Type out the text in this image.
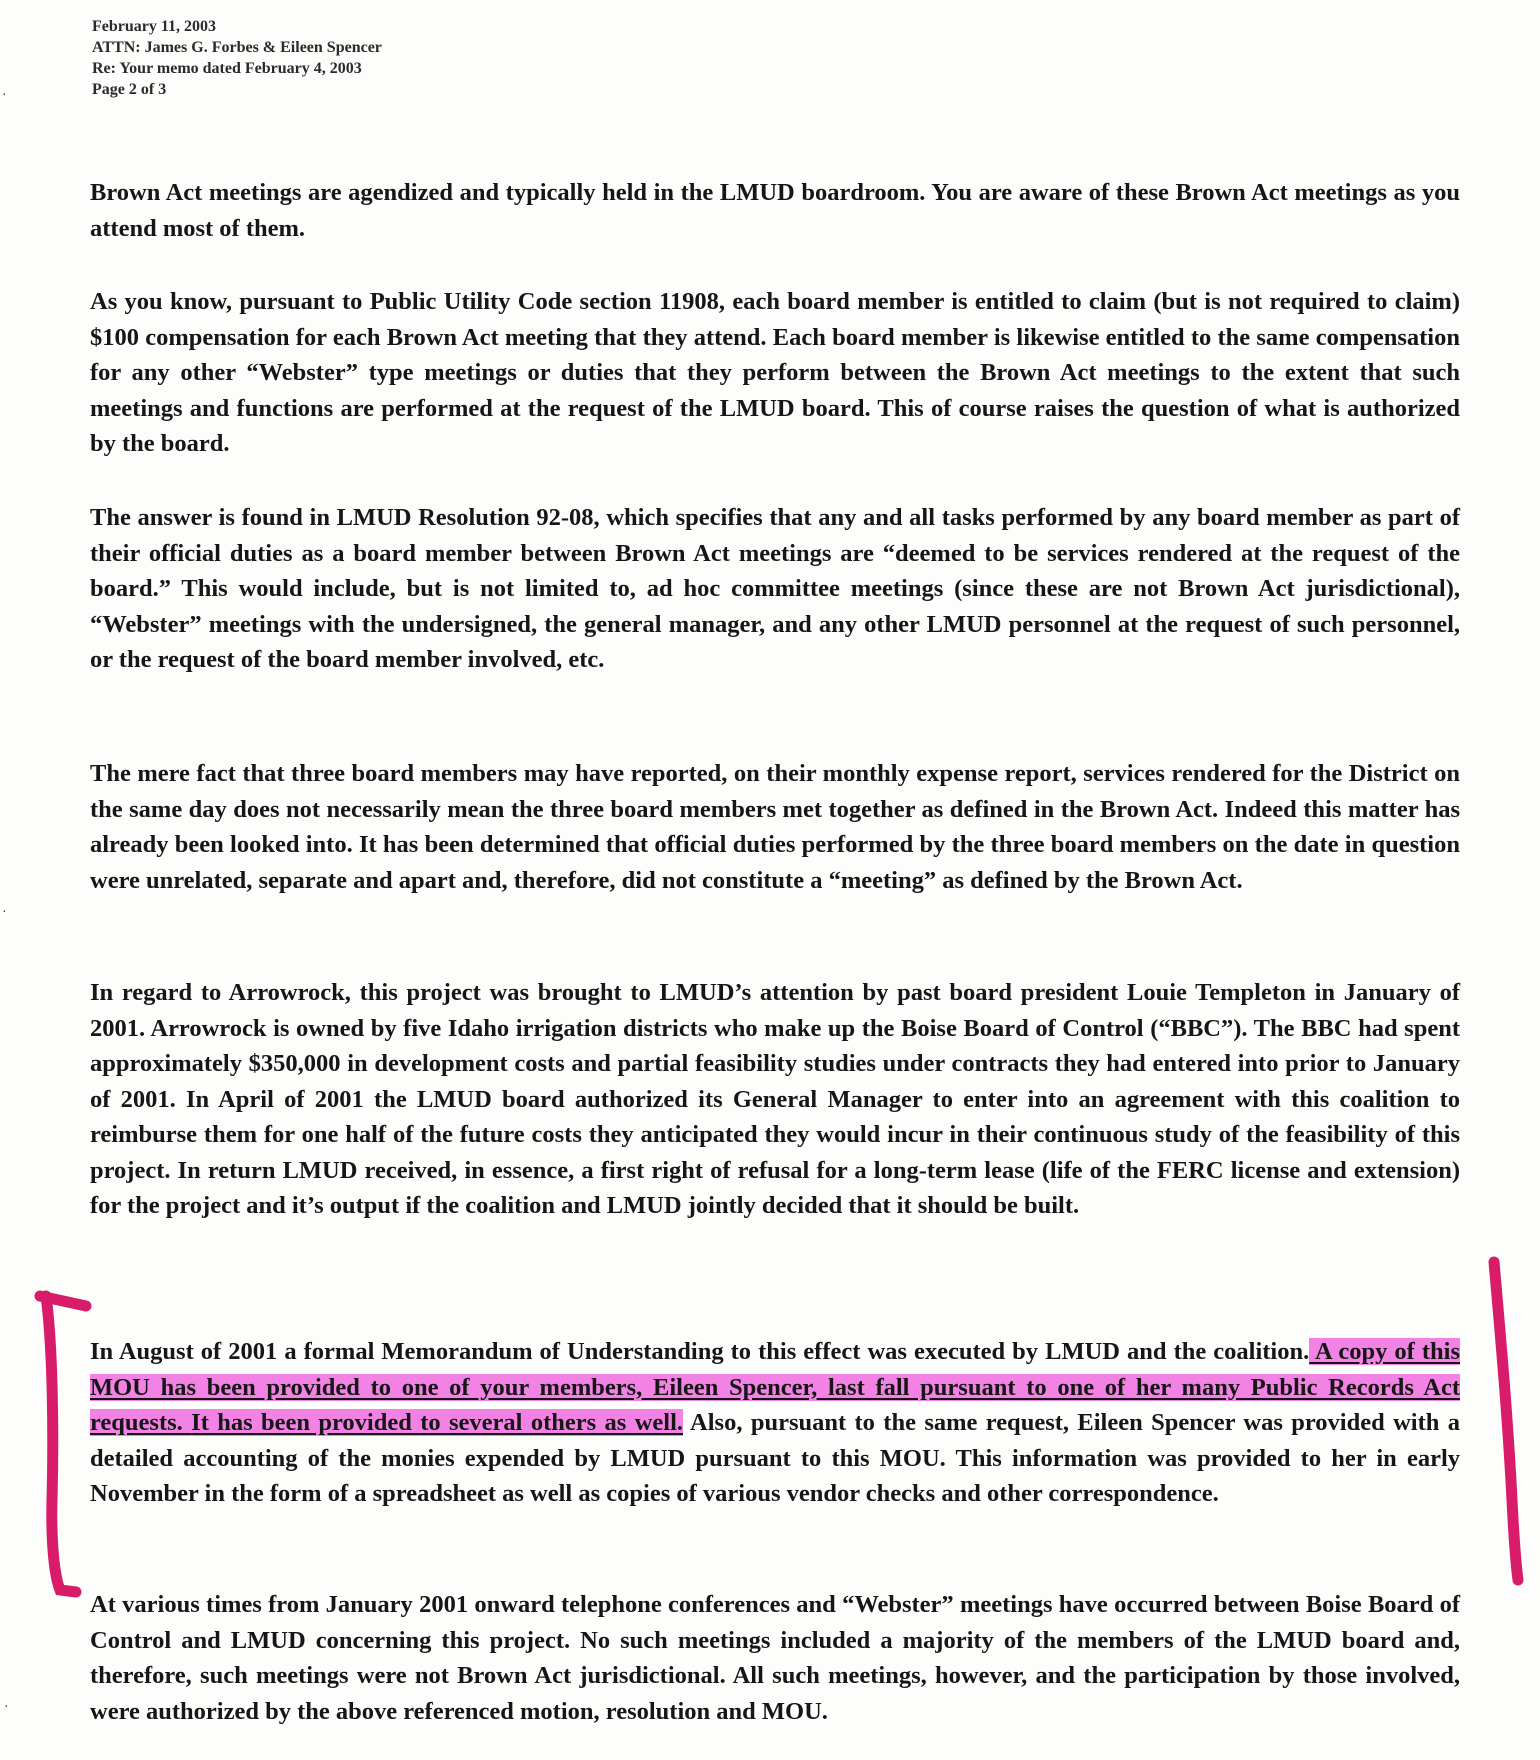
February 11, 2003
ATTN: James G. Forbes & Eileen Spencer
Re: Your memo dated February 4, 2003
Page 2 of 3

Brown Act meetings are agendized and typically held in the LMUD boardroom. You are aware of these Brown Act meetings as you attend most of them.

As you know, pursuant to Public Utility Code section 11908, each board member is entitled to claim (but is not required to claim) $100 compensation for each Brown Act meeting that they attend. Each board member is likewise entitled to the same compensation for any other “Webster” type meetings or duties that they perform between the Brown Act meetings to the extent that such meetings and functions are performed at the request of the LMUD board. This of course raises the question of what is authorized by the board.

The answer is found in LMUD Resolution 92-08, which specifies that any and all tasks performed by any board member as part of their official duties as a board member between Brown Act meetings are “deemed to be services rendered at the request of the board.” This would include, but is not limited to, ad hoc committee meetings (since these are not Brown Act jurisdictional), “Webster” meetings with the undersigned, the general manager, and any other LMUD personnel at the request of such personnel, or the request of the board member involved, etc.

The mere fact that three board members may have reported, on their monthly expense report, services rendered for the District on the same day does not necessarily mean the three board members met together as defined in the Brown Act. Indeed this matter has already been looked into. It has been determined that official duties performed by the three board members on the date in question were unrelated, separate and apart and, therefore, did not constitute a “meeting” as defined by the Brown Act.

In regard to Arrowrock, this project was brought to LMUD’s attention by past board president Louie Templeton in January of 2001. Arrowrock is owned by five Idaho irrigation districts who make up the Boise Board of Control (“BBC”). The BBC had spent approximately $350,000 in development costs and partial feasibility studies under contracts they had entered into prior to January of 2001. In April of 2001 the LMUD board authorized its General Manager to enter into an agreement with this coalition to reimburse them for one half of the future costs they anticipated they would incur in their continuous study of the feasibility of this project. In return LMUD received, in essence, a first right of refusal for a long-term lease (life of the FERC license and extension) for the project and it’s output if the coalition and LMUD jointly decided that it should be built.

In August of 2001 a formal Memorandum of Understanding to this effect was executed by LMUD and the coalition. A copy of this MOU has been provided to one of your members, Eileen Spencer, last fall pursuant to one of her many Public Records Act requests. It has been provided to several others as well. Also, pursuant to the same request, Eileen Spencer was provided with a detailed accounting of the monies expended by LMUD pursuant to this MOU. This information was provided to her in early November in the form of a spreadsheet as well as copies of various vendor checks and other correspondence.

At various times from January 2001 onward telephone conferences and “Webster” meetings have occurred between Boise Board of Control and LMUD concerning this project. No such meetings included a majority of the members of the LMUD board and, therefore, such meetings were not Brown Act jurisdictional. All such meetings, however, and the participation by those involved, were authorized by the above referenced motion, resolution and MOU.

·
·
·
